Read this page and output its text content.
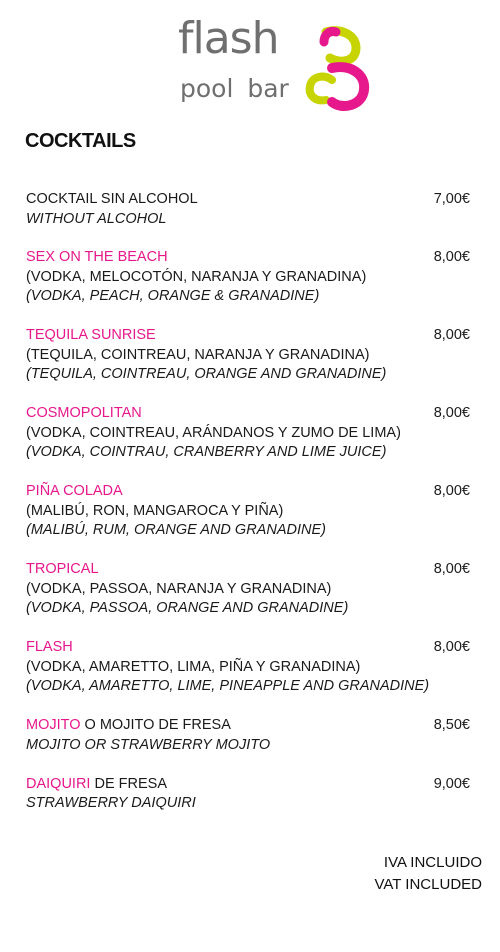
flash
pool bar
COCKTAILS
COCKTAIL SIN ALCOHOL	7,00€
WITHOUT ALCOHOL
SEX ON THE BEACH	8,00€
(VODKA, MELOCOTÓN, NARANJA Y GRANADINA)
(VODKA, PEACH, ORANGE & GRANADINE)
TEQUILA SUNRISE	8,00€
(TEQUILA, COINTREAU, NARANJA Y GRANADINA)
(TEQUILA, COINTREAU, ORANGE AND GRANADINE)
COSMOPOLITAN	8,00€
(VODKA, COINTREAU, ARÁNDANOS Y ZUMO DE LIMA)
(VODKA, COINTRAU, CRANBERRY AND LIME JUICE)
PIÑA COLADA	8,00€
(MALIBÚ, RON, MANGAROCA Y PIÑA)
(MALIBÚ, RUM, ORANGE AND GRANADINE)
TROPICAL	8,00€
(VODKA, PASSOA, NARANJA Y GRANADINA)
(VODKA, PASSOA, ORANGE AND GRANADINE)
FLASH	8,00€
(VODKA, AMARETTO, LIMA, PIÑA Y GRANADINA)
(VODKA, AMARETTO, LIME, PINEAPPLE AND GRANADINE)
MOJITO O MOJITO DE FRESA	8,50€
MOJITO OR STRAWBERRY MOJITO
DAIQUIRI DE FRESA	9,00€
STRAWBERRY DAIQUIRI
IVA INCLUIDO
VAT INCLUDED
